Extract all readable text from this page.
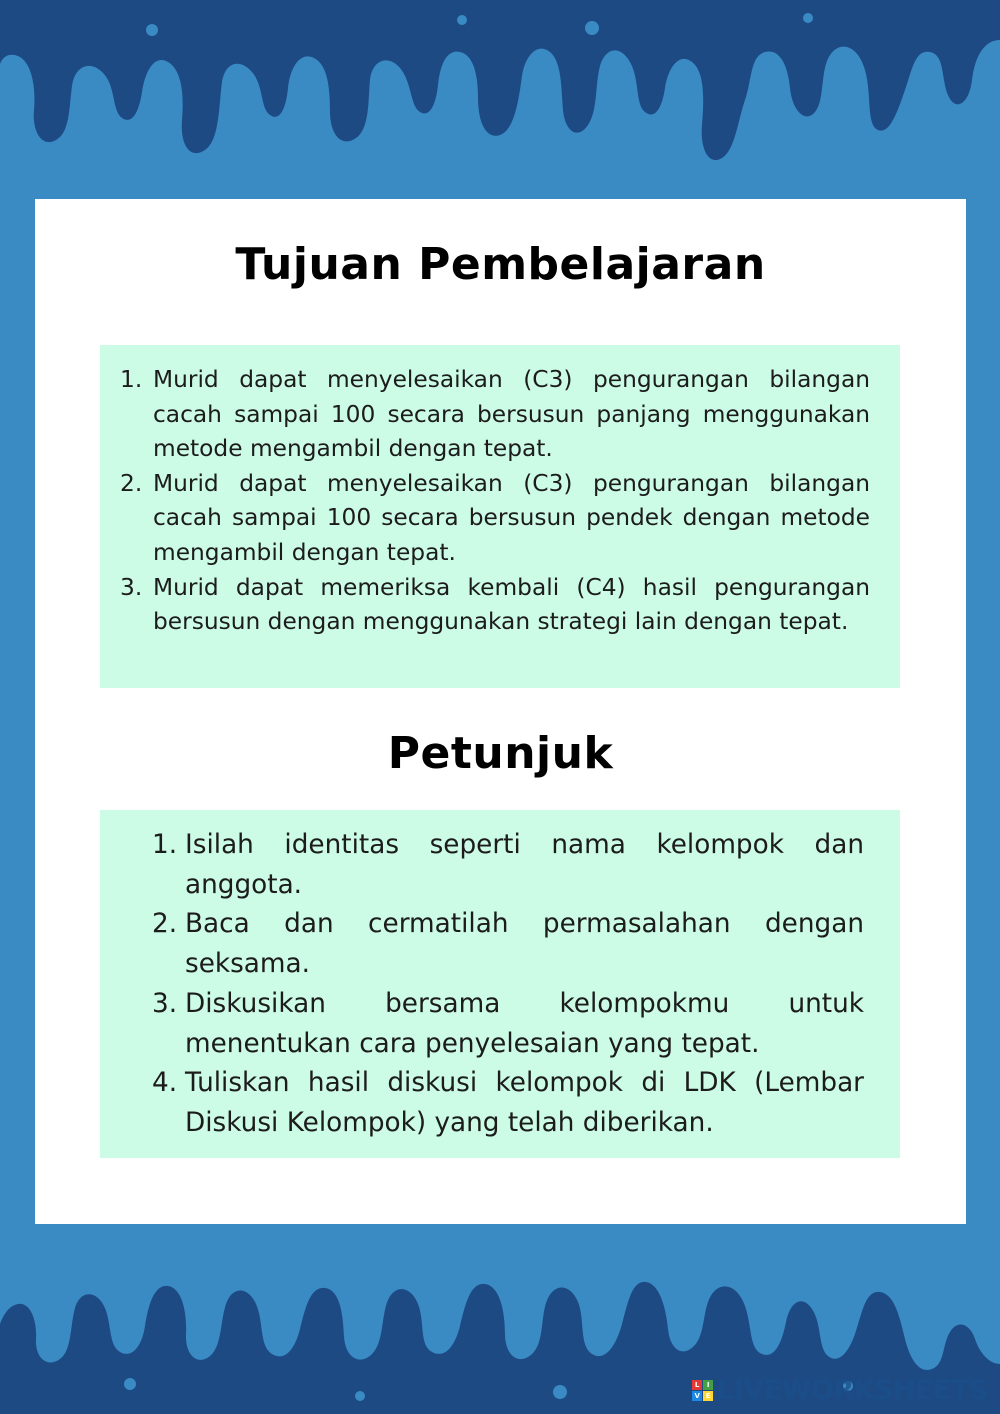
Tujuan Pembelajaran
1. Murid dapat menyelesaikan (C3) pengurangan bilangan cacah sampai 100 secara bersusun panjang menggunakan metode mengambil dengan tepat.
2. Murid dapat menyelesaikan (C3) pengurangan bilangan cacah sampai 100 secara bersusun pendek dengan metode mengambil dengan tepat.
3. Murid dapat memeriksa kembali (C4) hasil pengurangan bersusun dengan menggunakan strategi lain dengan tepat.
Petunjuk
1. Isilah identitas seperti nama kelompok dan anggota.
2. Baca dan cermatilah permasalahan dengan seksama.
3. Diskusikan bersama kelompokmu untuk menentukan cara penyelesaian yang tepat.
4. Tuliskan hasil diskusi kelompok di LDK (Lembar Diskusi Kelompok) yang telah diberikan.
L	I
V E LIVEWORKSHEETS
